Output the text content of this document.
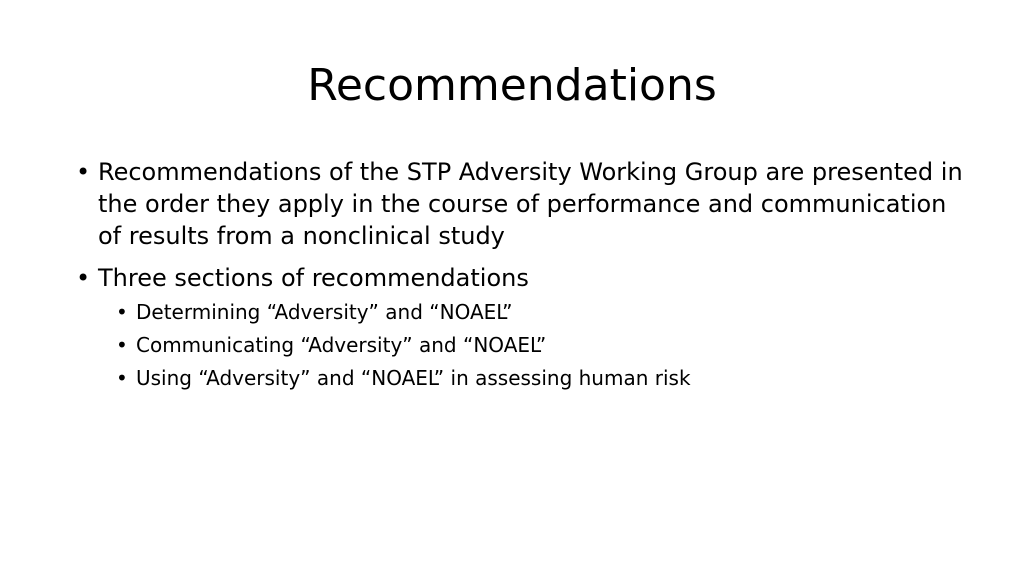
Recommendations
• Recommendations of the STP Adversity Working Group are presented in the order they apply in the course of performance and communication of results from a nonclinical study
• Three sections of recommendations
• Determining “Adversity” and “NOAEL”
• Communicating “Adversity” and “NOAEL”
• Using “Adversity” and “NOAEL” in assessing human risk
